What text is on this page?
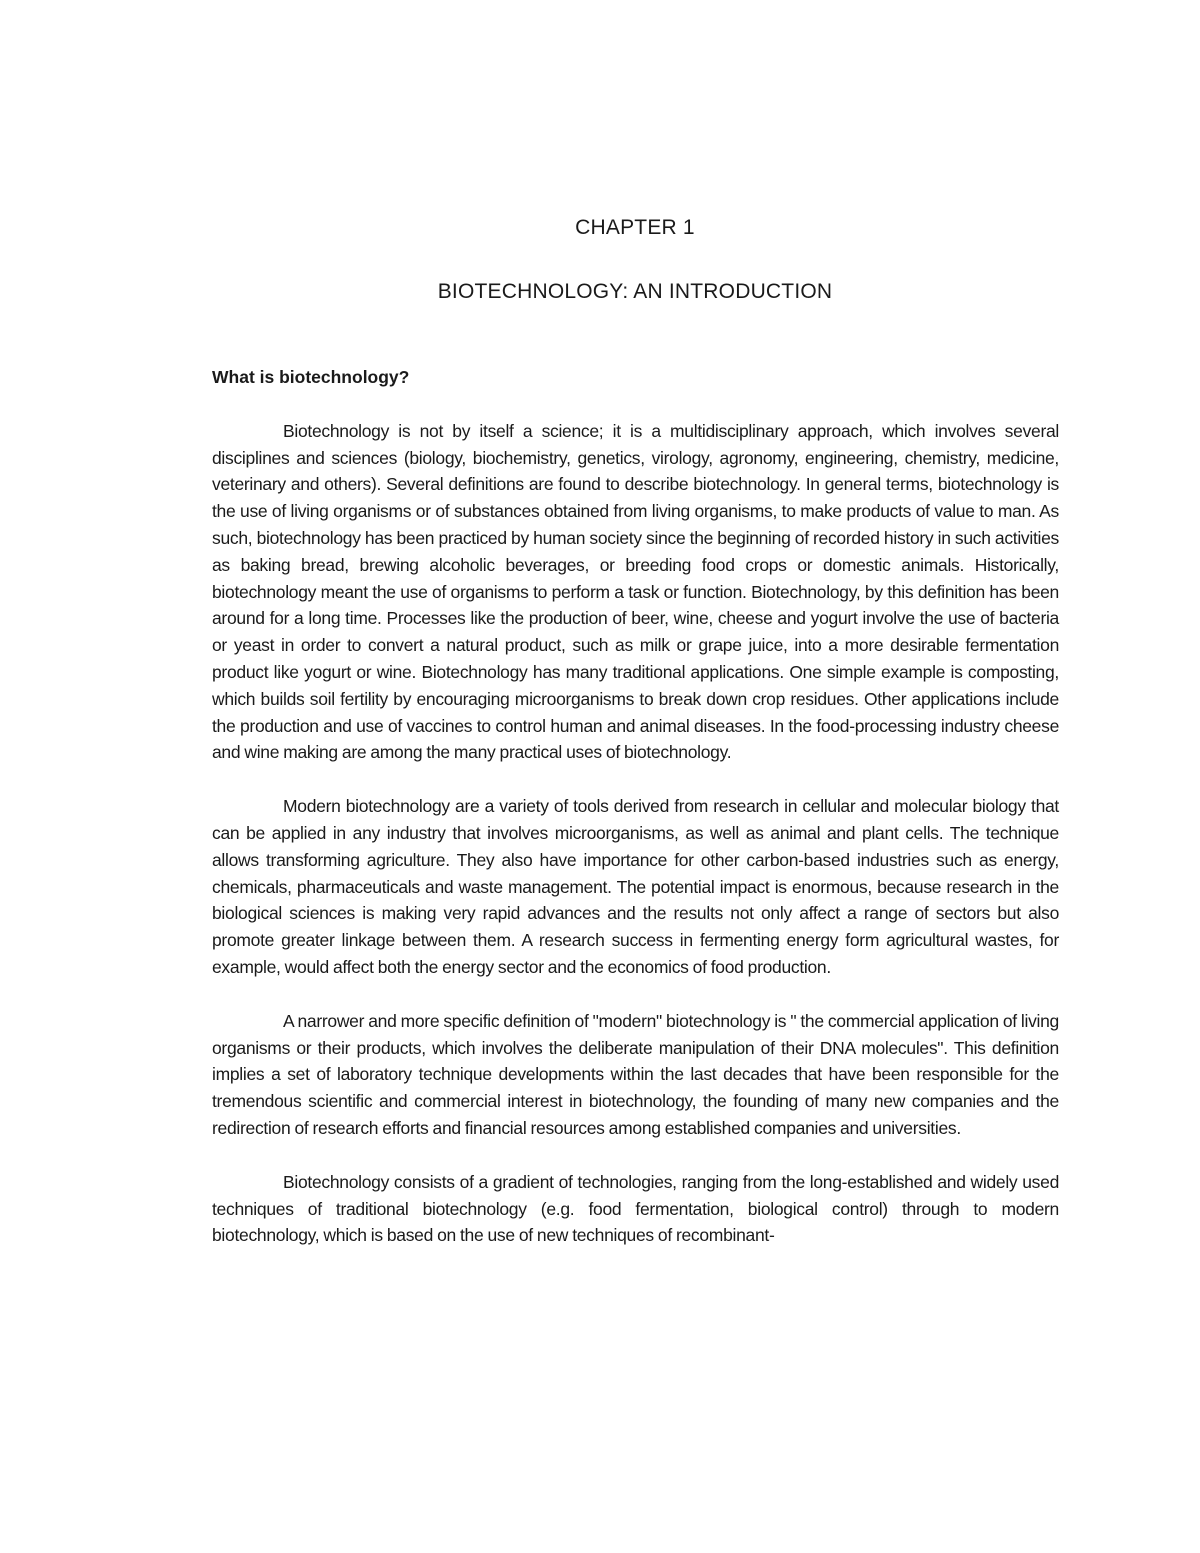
CHAPTER 1
BIOTECHNOLOGY: AN INTRODUCTION

What is biotechnology?

Biotechnology is not by itself a science; it is a multidisciplinary approach, which involves several disciplines and sciences (biology, biochemistry, genetics, virology, agronomy, engineering, chemistry, medicine, veterinary and others). Several definitions are found to describe biotechnology. In general terms, biotechnology is the use of living organisms or of substances obtained from living organisms, to make products of value to man. As such, biotechnology has been practiced by human society since the beginning of recorded history in such activities as baking bread, brewing alcoholic beverages, or breeding food crops or domestic animals. Historically, biotechnology meant the use of organisms to perform a task or function. Biotechnology, by this definition has been around for a long time. Processes like the production of beer, wine, cheese and yogurt involve the use of bacteria or yeast in order to convert a natural product, such as milk or grape juice, into a more desirable fermentation product like yogurt or wine. Biotechnology has many traditional applications. One simple example is composting, which builds soil fertility by encouraging microorganisms to break down crop residues. Other applications include the production and use of vaccines to control human and animal diseases. In the food-processing industry cheese and wine making are among the many practical uses of biotechnology.

Modern biotechnology are a variety of tools derived from research in cellular and molecular biology that can be applied in any industry that involves microorganisms, as well as animal and plant cells. The technique allows transforming agriculture. They also have importance for other carbon-based industries such as energy, chemicals, pharmaceuticals and waste management. The potential impact is enormous, because research in the biological sciences is making very rapid advances and the results not only affect a range of sectors but also promote greater linkage between them. A research success in fermenting energy form agricultural wastes, for example, would affect both the energy sector and the economics of food production.

A narrower and more specific definition of "modern" biotechnology is " the commercial application of living organisms or their products, which involves the deliberate manipulation of their DNA molecules". This definition implies a set of laboratory technique developments within the last decades that have been responsible for the tremendous scientific and commercial interest in biotechnology, the founding of many new companies and the redirection of research efforts and financial resources among established companies and universities.

Biotechnology consists of a gradient of technologies, ranging from the long-established and widely used techniques of traditional biotechnology (e.g. food fermentation, biological control) through to modern biotechnology, which is based on the use of new techniques of recombinant-
